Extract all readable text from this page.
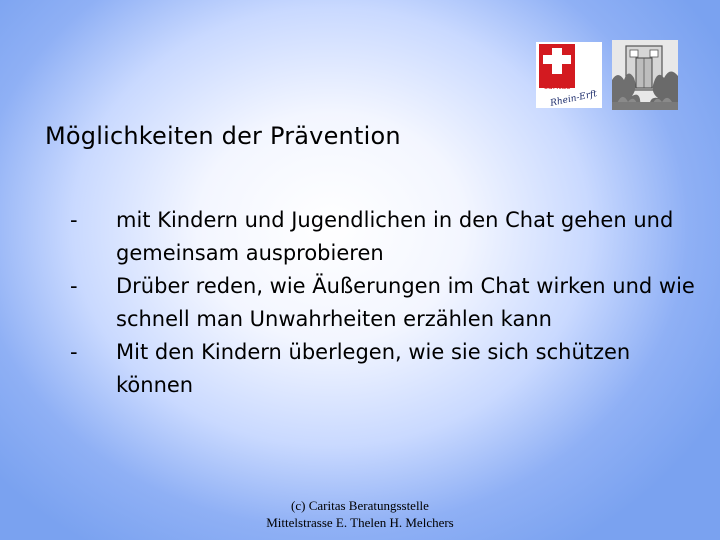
caritas
Rhein-Erft
Möglichkeiten der Prävention
- mit Kindern und Jugendlichen in den Chat gehen und gemeinsam ausprobieren
- Drüber reden, wie Äußerungen im Chat wirken und wie schnell man Unwahrheiten erzählen kann
- Mit den Kindern überlegen, wie sie sich schützen können
(c) Caritas Beratungsstelle
Mittelstrasse E. Thelen H. Melchers
